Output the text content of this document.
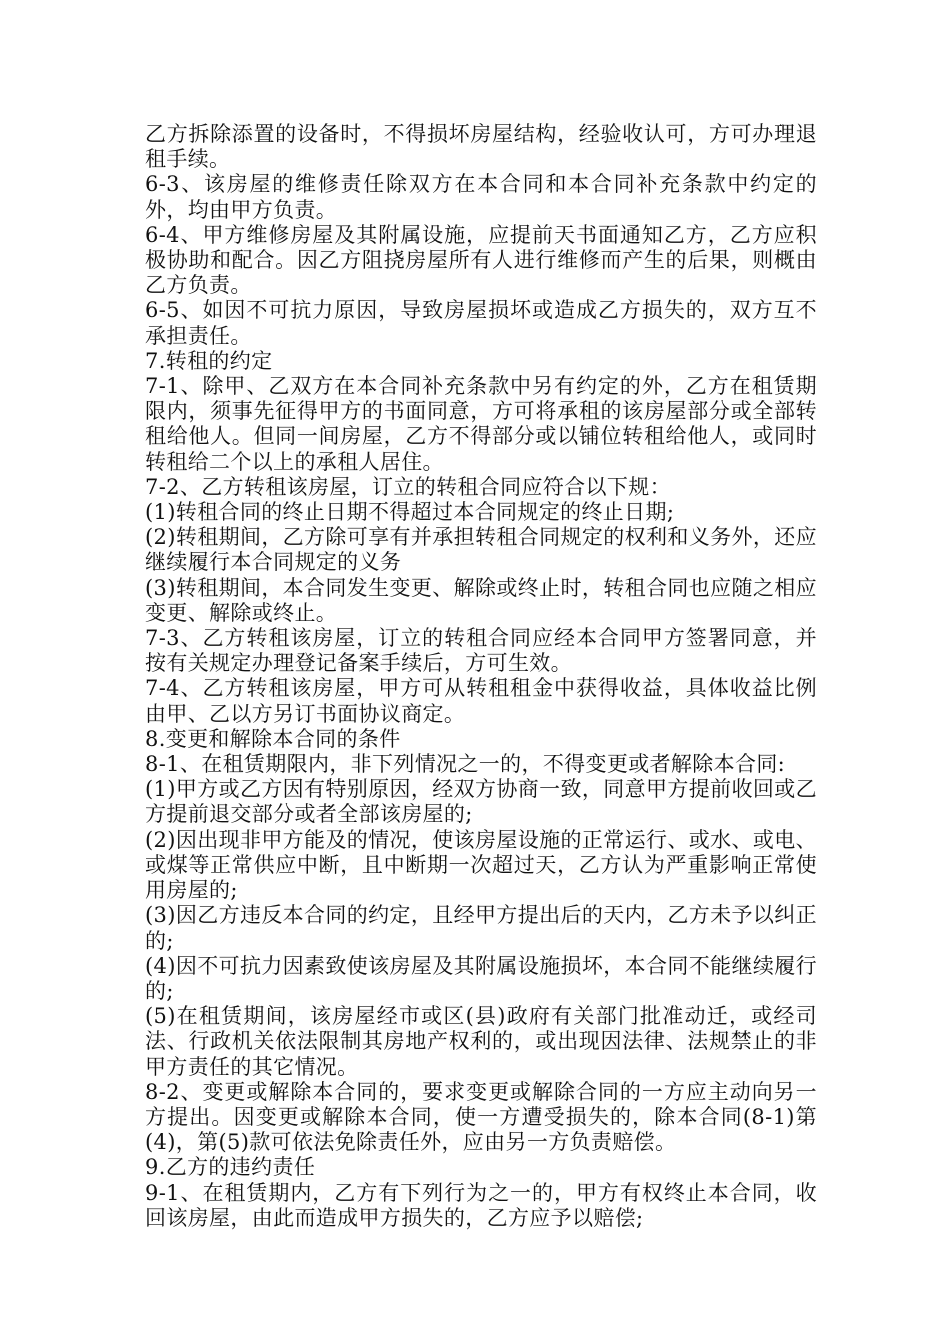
乙方拆除添置的设备时，不得损坏房屋结构，经验收认可，方可办理退租手续。

6-3、该房屋的维修责任除双方在本合同和本合同补充条款中约定的外，均由甲方负责。

6-4、甲方维修房屋及其附属设施，应提前天书面通知乙方，乙方应积极协助和配合。因乙方阻挠房屋所有人进行维修而产生的后果，则概由乙方负责。

6-5、如因不可抗力原因，导致房屋损坏或造成乙方损失的，双方互不承担责任。

7.转租的约定

7-1、除甲、乙双方在本合同补充条款中另有约定的外，乙方在租赁期限内，须事先征得甲方的书面同意，方可将承租的该房屋部分或全部转租给他人。但同一间房屋，乙方不得部分或以铺位转租给他人，或同时转租给二个以上的承租人居住。

7-2、乙方转租该房屋，订立的转租合同应符合以下规：

(1)转租合同的终止日期不得超过本合同规定的终止日期;

(2)转租期间，乙方除可享有并承担转租合同规定的权利和义务外，还应继续履行本合同规定的义务

(3)转租期间，本合同发生变更、解除或终止时，转租合同也应随之相应变更、解除或终止。

7-3、乙方转租该房屋，订立的转租合同应经本合同甲方签署同意，并按有关规定办理登记备案手续后，方可生效。

7-4、乙方转租该房屋，甲方可从转租租金中获得收益，具体收益比例由甲、乙以方另订书面协议商定。

8.变更和解除本合同的条件

8-1、在租赁期限内，非下列情况之一的，不得变更或者解除本合同:

(1)甲方或乙方因有特别原因，经双方协商一致，同意甲方提前收回或乙方提前退交部分或者全部该房屋的;

(2)因出现非甲方能及的情况，使该房屋设施的正常运行、或水、或电、或煤等正常供应中断，且中断期一次超过天，乙方认为严重影响正常使用房屋的;

(3)因乙方违反本合同的约定，且经甲方提出后的天内，乙方未予以纠正的;

(4)因不可抗力因素致使该房屋及其附属设施损坏，本合同不能继续履行的;

(5)在租赁期间，该房屋经市或区(县)政府有关部门批准动迁，或经司法、行政机关依法限制其房地产权利的，或出现因法律、法规禁止的非甲方责任的其它情况。

8-2、变更或解除本合同的，要求变更或解除合同的一方应主动向另一方提出。因变更或解除本合同，使一方遭受损失的，除本合同(8-1)第(4)，第(5)款可依法免除责任外，应由另一方负责赔偿。

9.乙方的违约责任

9-1、在租赁期内，乙方有下列行为之一的，甲方有权终止本合同，收回该房屋，由此而造成甲方损失的，乙方应予以赔偿;
